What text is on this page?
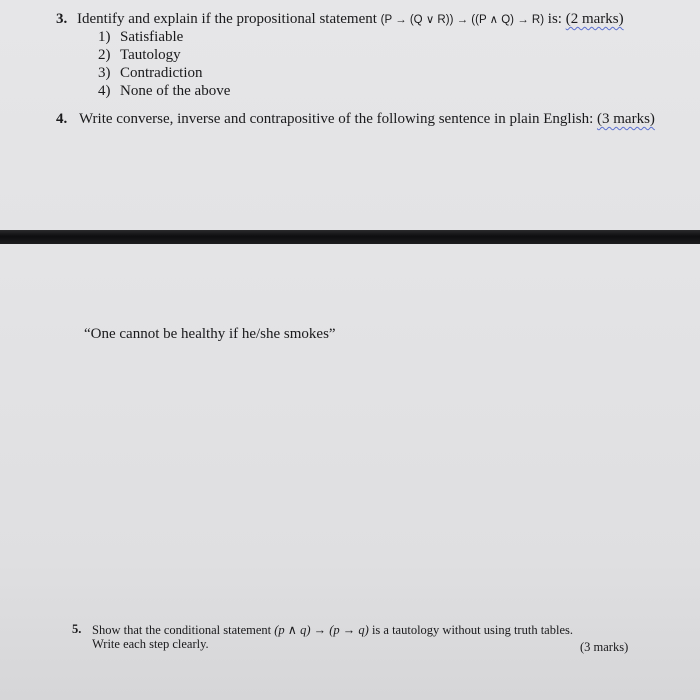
3. Identify and explain if the propositional statement (P → (Q ∨ R)) → ((P ∧ Q) → R) is: (2 marks)
1) Satisfiable
2) Tautology
3) Contradiction
4) None of the above
4. Write converse, inverse and contrapositive of the following sentence in plain English: (3 marks)
“One cannot be healthy if he/she smokes”
5. Show that the conditional statement (p ∧ q) → (p → q) is a tautology without using truth tables.
Write each step clearly.	(3 marks)
